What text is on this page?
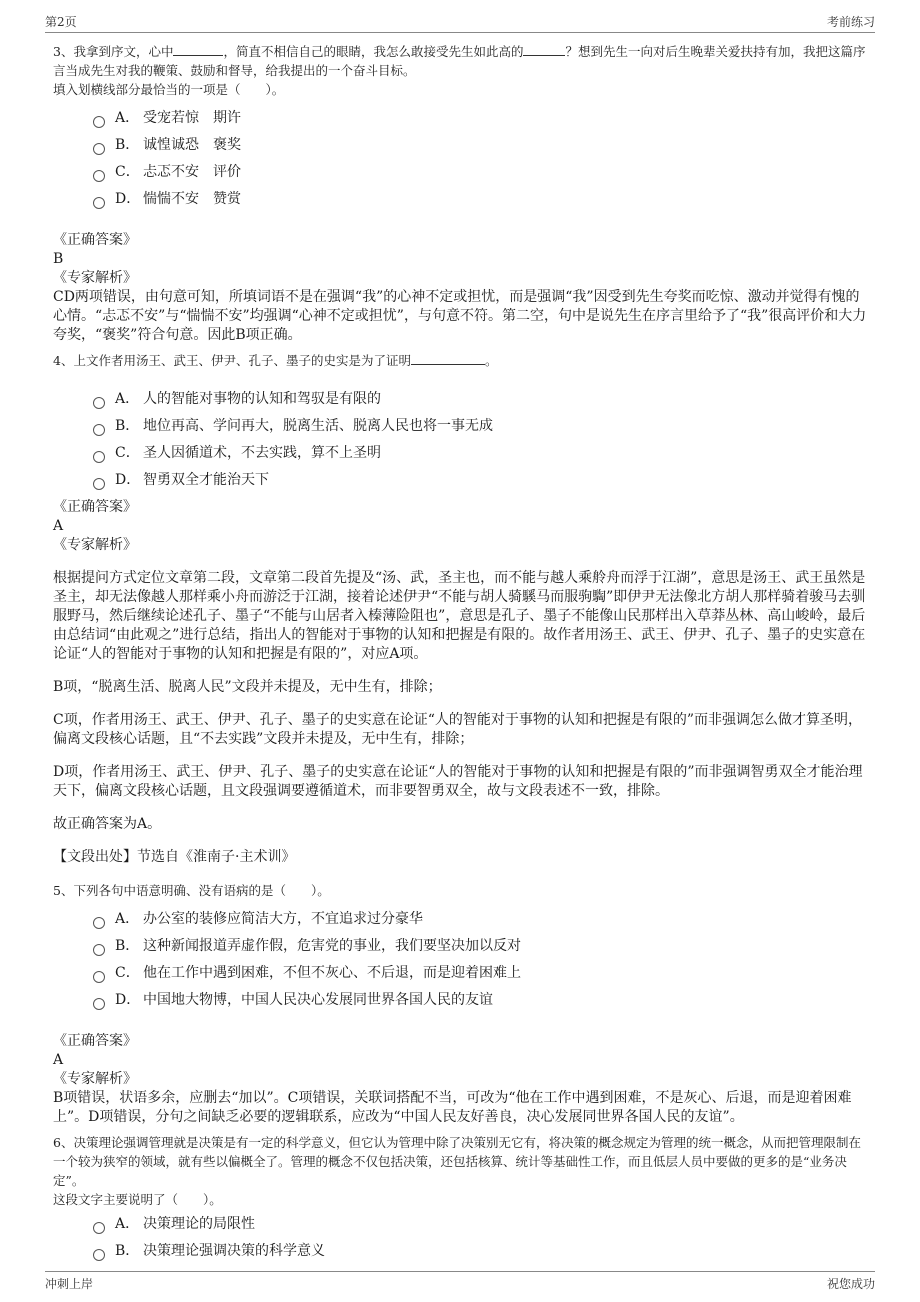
第2页	考前练习
3、我拿到序文，心中	，简直不相信自己的眼睛，我怎么敢接受先生如此高的	？想到先生一向对后生晚辈关爱扶持有加，我把这篇序言当成先生对我的鞭策、鼓励和督导，给我提出的一个奋斗目标。
填入划横线部分最恰当的一项是（　　）。
A． 受宠若惊　期许
B． 诚惶诚恐　褒奖
C． 忐忑不安　评价
D． 惴惴不安　赞赏
《正确答案》
B
《专家解析》
CD两项错误，由句意可知，所填词语不是在强调“我”的心神不定或担忧，而是强调“我”因受到先生夸奖而吃惊、激动并觉得有愧的心情。“忐忑不安”与“惴惴不安”均强调“心神不定或担忧”，与句意不符。第二空，句中是说先生在序言里给予了“我”很高评价和大力夸奖，“褒奖”符合句意。因此B项正确。
4、上文作者用汤王、武王、伊尹、孔子、墨子的史实是为了证明	。
A． 人的智能对事物的认知和驾驭是有限的
B． 地位再高、学问再大，脱离生活、脱离人民也将一事无成
C． 圣人因循道术，不去实践，算不上圣明
D． 智勇双全才能治天下
《正确答案》
A
《专家解析》
根据提问方式定位文章第二段，文章第二段首先提及“汤、武，圣主也，而不能与越人乘舲舟而浮于江湖”，意思是汤王、武王虽然是圣主，却无法像越人那样乘小舟而游泛于江湖，接着论述伊尹“不能与胡人骑騱马而服驹騊”即伊尹无法像北方胡人那样骑着骏马去驯服野马，然后继续论述孔子、墨子“不能与山居者入榛薄险阻也”，意思是孔子、墨子不能像山民那样出入草莽丛林、高山峻岭，最后由总结词“由此观之”进行总结，指出人的智能对于事物的认知和把握是有限的。故作者用汤王、武王、伊尹、孔子、墨子的史实意在论证“人的智能对于事物的认知和把握是有限的”，对应A项。
B项，“脱离生活、脱离人民”文段并未提及，无中生有，排除；
C项，作者用汤王、武王、伊尹、孔子、墨子的史实意在论证“人的智能对于事物的认知和把握是有限的”而非强调怎么做才算圣明，偏离文段核心话题，且“不去实践”文段并未提及，无中生有，排除；
D项，作者用汤王、武王、伊尹、孔子、墨子的史实意在论证“人的智能对于事物的认知和把握是有限的”而非强调智勇双全才能治理天下，偏离文段核心话题，且文段强调要遵循道术，而非要智勇双全，故与文段表述不一致，排除。
故正确答案为A。
【文段出处】节选自《淮南子·主术训》
5、下列各句中语意明确、没有语病的是（　　）。
A． 办公室的装修应简洁大方，不宜追求过分豪华
B． 这种新闻报道弄虚作假，危害党的事业，我们要坚决加以反对
C． 他在工作中遇到困难，不但不灰心、不后退，而是迎着困难上
D． 中国地大物博，中国人民决心发展同世界各国人民的友谊
《正确答案》
A
《专家解析》
B项错误，状语多余，应删去“加以”。C项错误，关联词搭配不当，可改为“他在工作中遇到困难，不是灰心、后退，而是迎着困难上”。D项错误，分句之间缺乏必要的逻辑联系，应改为“中国人民友好善良，决心发展同世界各国人民的友谊”。
6、决策理论强调管理就是决策是有一定的科学意义，但它认为管理中除了决策别无它有，将决策的概念规定为管理的统一概念，从而把管理限制在一个较为狭窄的领域，就有些以偏概全了。管理的概念不仅包括决策，还包括核算、统计等基础性工作，而且低层人员中要做的更多的是“业务决定”。
这段文字主要说明了（　　）。
A． 决策理论的局限性
B． 决策理论强调决策的科学意义
冲刺上岸	祝您成功
